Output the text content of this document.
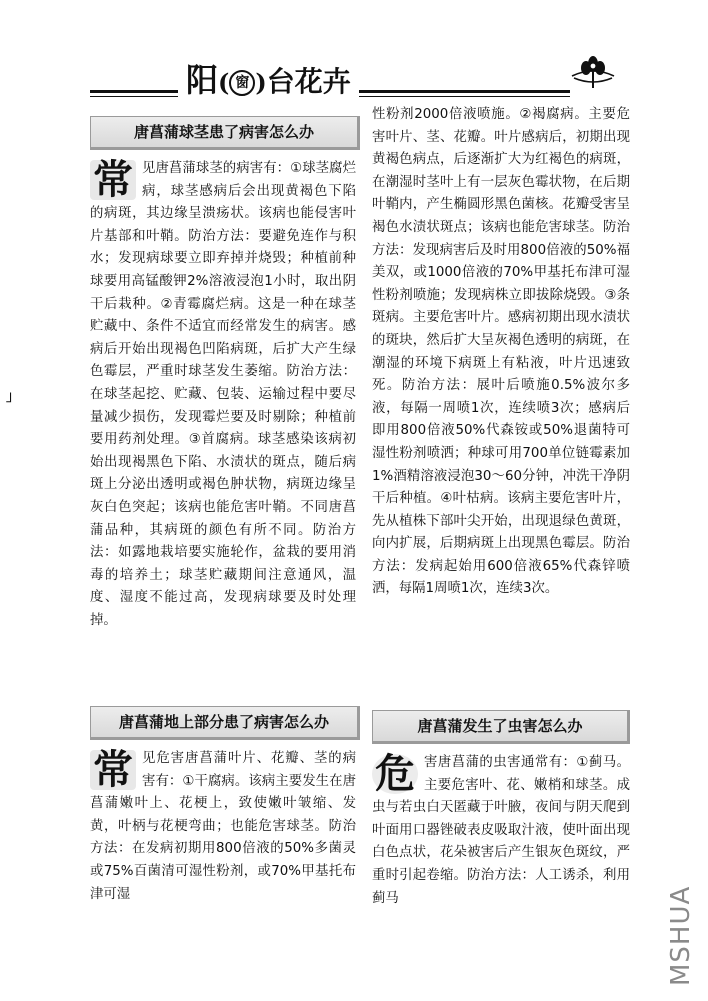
阳( 窗 )台花卉
」
唐菖蒲球茎患了病害怎么办
常 见唐菖蒲球茎的病害有：①球茎腐烂病，球茎感病后会出现黄褐色下陷的病斑，其边缘呈溃疡状。该病也能侵害叶片基部和叶鞘。防治方法：要避免连作与积水；发现病球要立即弃掉并烧毁；种植前种球要用高锰酸钾2%溶液浸泡1小时，取出阴干后栽种。②青霉腐烂病。这是一种在球茎贮藏中、条件不适宜而经常发生的病害。感病后开始出现褐色凹陷病斑，后扩大产生绿色霉层，严重时球茎发生萎缩。防治方法：在球茎起挖、贮藏、包装、运输过程中要尽量减少损伤，发现霉烂要及时剔除；种植前要用药剂处理。③首腐病。球茎感染该病初始出现褐黑色下陷、水渍状的斑点，随后病斑上分泌出透明或褐色肿状物，病斑边缘呈灰白色突起；该病也能危害叶鞘。不同唐菖蒲品种，其病斑的颜色有所不同。防治方法：如露地栽培要实施轮作，盆栽的要用消毒的培养土；球茎贮藏期间注意通风，温度、湿度不能过高，发现病球要及时处理掉。
唐菖蒲地上部分患了病害怎么办
常 见危害唐菖蒲叶片、花瓣、茎的病害有：①干腐病。该病主要发生在唐菖蒲嫩叶上、花梗上，致使嫩叶皱缩、发黄，叶柄与花梗弯曲；也能危害球茎。防治方法：在发病初期用800倍液的50%多菌灵或75%百菌清可湿性粉剂，或70%甲基托布津可湿
性粉剂2000倍液喷施。②褐腐病。主要危害叶片、茎、花瓣。叶片感病后，初期出现黄褐色病点，后逐渐扩大为红褐色的病斑，在潮湿时茎叶上有一层灰色霉状物，在后期叶鞘内，产生椭圆形黑色菌核。花瓣受害呈褐色水渍状斑点；该病也能危害球茎。防治方法：发现病害后及时用800倍液的50%福美双，或1000倍液的70%甲基托布津可湿性粉剂喷施；发现病株立即拔除烧毁。③条斑病。主要危害叶片。感病初期出现水渍状的斑块，然后扩大呈灰褐色透明的病斑，在潮湿的环境下病斑上有粘液，叶片迅速致死。防治方法：展叶后喷施0.5%波尔多液，每隔一周喷1次，连续喷3次；感病后即用800倍液50%代森铵或50%退菌特可湿性粉剂喷洒；种球可用700单位链霉素加1%酒精溶液浸泡30～60分钟，冲洗干净阴干后种植。④叶枯病。该病主要危害叶片，先从植株下部叶尖开始，出现退绿色黄斑，向内扩展，后期病斑上出现黑色霉层。防治方法：发病起始用600倍液65%代森锌喷洒，每隔1周喷1次，连续3次。
唐菖蒲发生了虫害怎么办
危 害唐菖蒲的虫害通常有：①蓟马。主要危害叶、花、嫩梢和球茎。成虫与若虫白天匿藏于叶腋，夜间与阴天爬到叶面用口器锉破表皮吸取汁液，使叶面出现白色点状，花朵被害后产生银灰色斑纹，严重时引起卷缩。防治方法：人工诱杀，利用蓟马	MSHUA
